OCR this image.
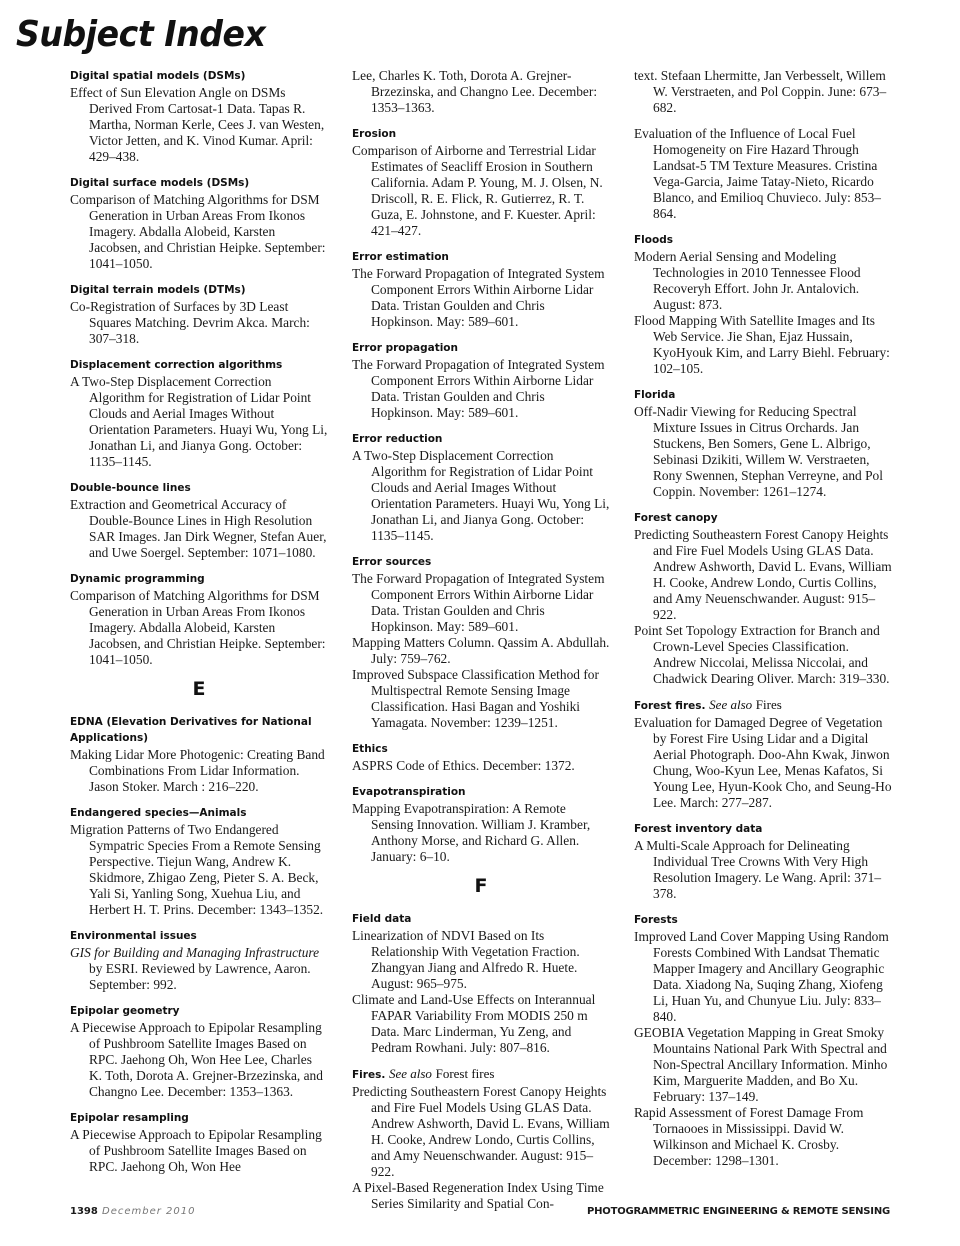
Subject Index
Digital spatial models (DSMs)
Effect of Sun Elevation Angle on DSMs Derived From Cartosat-1 Data. Tapas R. Martha, Norman Kerle, Cees J. van Westen, Victor Jetten, and K. Vinod Kumar. April: 429–438.
Digital surface models (DSMs)
Comparison of Matching Algorithms for DSM Generation in Urban Areas From Ikonos Imagery. Abdalla Alobeid, Karsten Jacobsen, and Christian Heipke. September: 1041–1050.
Digital terrain models (DTMs)
Co-Registration of Surfaces by 3D Least Squares Matching. Devrim Akca. March: 307–318.
Displacement correction algorithms
A Two-Step Displacement Correction Algorithm for Registration of Lidar Point Clouds and Aerial Images Without Orientation Parameters. Huayi Wu, Yong Li, Jonathan Li, and Jianya Gong. October: 1135–1145.
Double-bounce lines
Extraction and Geometrical Accuracy of Double-Bounce Lines in High Resolution SAR Images. Jan Dirk Wegner, Stefan Auer, and Uwe Soergel. September: 1071–1080.
Dynamic programming
Comparison of Matching Algorithms for DSM Generation in Urban Areas From Ikonos Imagery. Abdalla Alobeid, Karsten Jacobsen, and Christian Heipke. September: 1041–1050.
E
EDNA (Elevation Derivatives for National Applications)
Making Lidar More Photogenic: Creating Band Combinations From Lidar Information. Jason Stoker. March : 216–220.
Endangered species—Animals
Migration Patterns of Two Endangered Sympatric Species From a Remote Sensing Perspective. Tiejun Wang, Andrew K. Skidmore, Zhigao Zeng, Pieter S. A. Beck, Yali Si, Yanling Song, Xuehua Liu, and Herbert H. T. Prins. December: 1343–1352.
Environmental issues
GIS for Building and Managing Infrastructure by ESRI. Reviewed by Lawrence, Aaron. September: 992.
Epipolar geometry
A Piecewise Approach to Epipolar Resampling of Pushbroom Satellite Images Based on RPC. Jaehong Oh, Won Hee Lee, Charles K. Toth, Dorota A. Grejner-Brzezinska, and Changno Lee. December: 1353–1363.
Epipolar resampling
A Piecewise Approach to Epipolar Resampling of Pushbroom Satellite Images Based on RPC. Jaehong Oh, Won Hee
Lee, Charles K. Toth, Dorota A. Grejner-Brzezinska, and Changno Lee. December: 1353–1363.
Erosion
Comparison of Airborne and Terrestrial Lidar Estimates of Seacliff Erosion in Southern California. Adam P. Young, M. J. Olsen, N. Driscoll, R. E. Flick, R. Gutierrez, R. T. Guza, E. Johnstone, and F. Kuester. April: 421–427.
Error estimation
The Forward Propagation of Integrated System Component Errors Within Airborne Lidar Data. Tristan Goulden and Chris Hopkinson. May: 589–601.
Error propagation
The Forward Propagation of Integrated System Component Errors Within Airborne Lidar Data. Tristan Goulden and Chris Hopkinson. May: 589–601.
Error reduction
A Two-Step Displacement Correction Algorithm for Registration of Lidar Point Clouds and Aerial Images Without Orientation Parameters. Huayi Wu, Yong Li, Jonathan Li, and Jianya Gong. October: 1135–1145.
Error sources
The Forward Propagation of Integrated System Component Errors Within Airborne Lidar Data. Tristan Goulden and Chris Hopkinson. May: 589–601.
Mapping Matters Column. Qassim A. Abdullah. July: 759–762.
Improved Subspace Classification Method for Multispectral Remote Sensing Image Classification. Hasi Bagan and Yoshiki Yamagata. November: 1239–1251.
Ethics
ASPRS Code of Ethics. December: 1372.
Evapotranspiration
Mapping Evapotranspiration: A Remote Sensing Innovation. William J. Kramber, Anthony Morse, and Richard G. Allen. January: 6–10.
F
Field data
Linearization of NDVI Based on Its Relationship With Vegetation Fraction. Zhangyan Jiang and Alfredo R. Huete. August: 965–975.
Climate and Land-Use Effects on Interannual FAPAR Variability From MODIS 250 m Data. Marc Linderman, Yu Zeng, and Pedram Rowhani. July: 807–816.
Fires. See also Forest fires
Predicting Southeastern Forest Canopy Heights and Fire Fuel Models Using GLAS Data. Andrew Ashworth, David L. Evans, William H. Cooke, Andrew Londo, Curtis Collins, and Amy Neuenschwander. August: 915–922.
A Pixel-Based Regeneration Index Using Time Series Similarity and Spatial Con-
text. Stefaan Lhermitte, Jan Verbesselt, Willem W. Verstraeten, and Pol Coppin. June: 673–682.
Evaluation of the Influence of Local Fuel Homogeneity on Fire Hazard Through Landsat-5 TM Texture Measures. Cristina Vega-Garcia, Jaime Tatay-Nieto, Ricardo Blanco, and Emilioq Chuvieco. July: 853–864.
Floods
Modern Aerial Sensing and Modeling Technologies in 2010 Tennessee Flood Recoveryh Effort. John Jr. Antalovich. August: 873.
Flood Mapping With Satellite Images and Its Web Service. Jie Shan, Ejaz Hussain, KyoHyouk Kim, and Larry Biehl. February: 102–105.
Florida
Off-Nadir Viewing for Reducing Spectral Mixture Issues in Citrus Orchards. Jan Stuckens, Ben Somers, Gene L. Albrigo, Sebinasi Dzikiti, Willem W. Verstraeten, Rony Swennen, Stephan Verreyne, and Pol Coppin. November: 1261–1274.
Forest canopy
Predicting Southeastern Forest Canopy Heights and Fire Fuel Models Using GLAS Data. Andrew Ashworth, David L. Evans, William H. Cooke, Andrew Londo, Curtis Collins, and Amy Neuenschwander. August: 915–922.
Point Set Topology Extraction for Branch and Crown-Level Species Classification. Andrew Niccolai, Melissa Niccolai, and Chadwick Dearing Oliver. March: 319–330.
Forest fires. See also Fires
Evaluation for Damaged Degree of Vegetation by Forest Fire Using Lidar and a Digital Aerial Photograph. Doo-Ahn Kwak, Jinwon Chung, Woo-Kyun Lee, Menas Kafatos, Si Young Lee, Hyun-Kook Cho, and Seung-Ho Lee. March: 277–287.
Forest inventory data
A Multi-Scale Approach for Delineating Individual Tree Crowns With Very High Resolution Imagery. Le Wang. April: 371–378.
Forests
Improved Land Cover Mapping Using Random Forests Combined With Landsat Thematic Mapper Imagery and Ancillary Geographic Data. Xiadong Na, Suqing Zhang, Xiofeng Li, Huan Yu, and Chunyue Liu. July: 833–840.
GEOBIA Vegetation Mapping in Great Smoky Mountains National Park With Spectral and Non-Spectral Ancillary Information. Minho Kim, Marguerite Madden, and Bo Xu. February: 137–149.
Rapid Assessment of Forest Damage From Tornaooes in Mississippi. David W. Wilkinson and Michael K. Crosby. December: 1298–1301.
1398 December 2010	PHOTOGRAMMETRIC ENGINEERING & REMOTE SENSING
